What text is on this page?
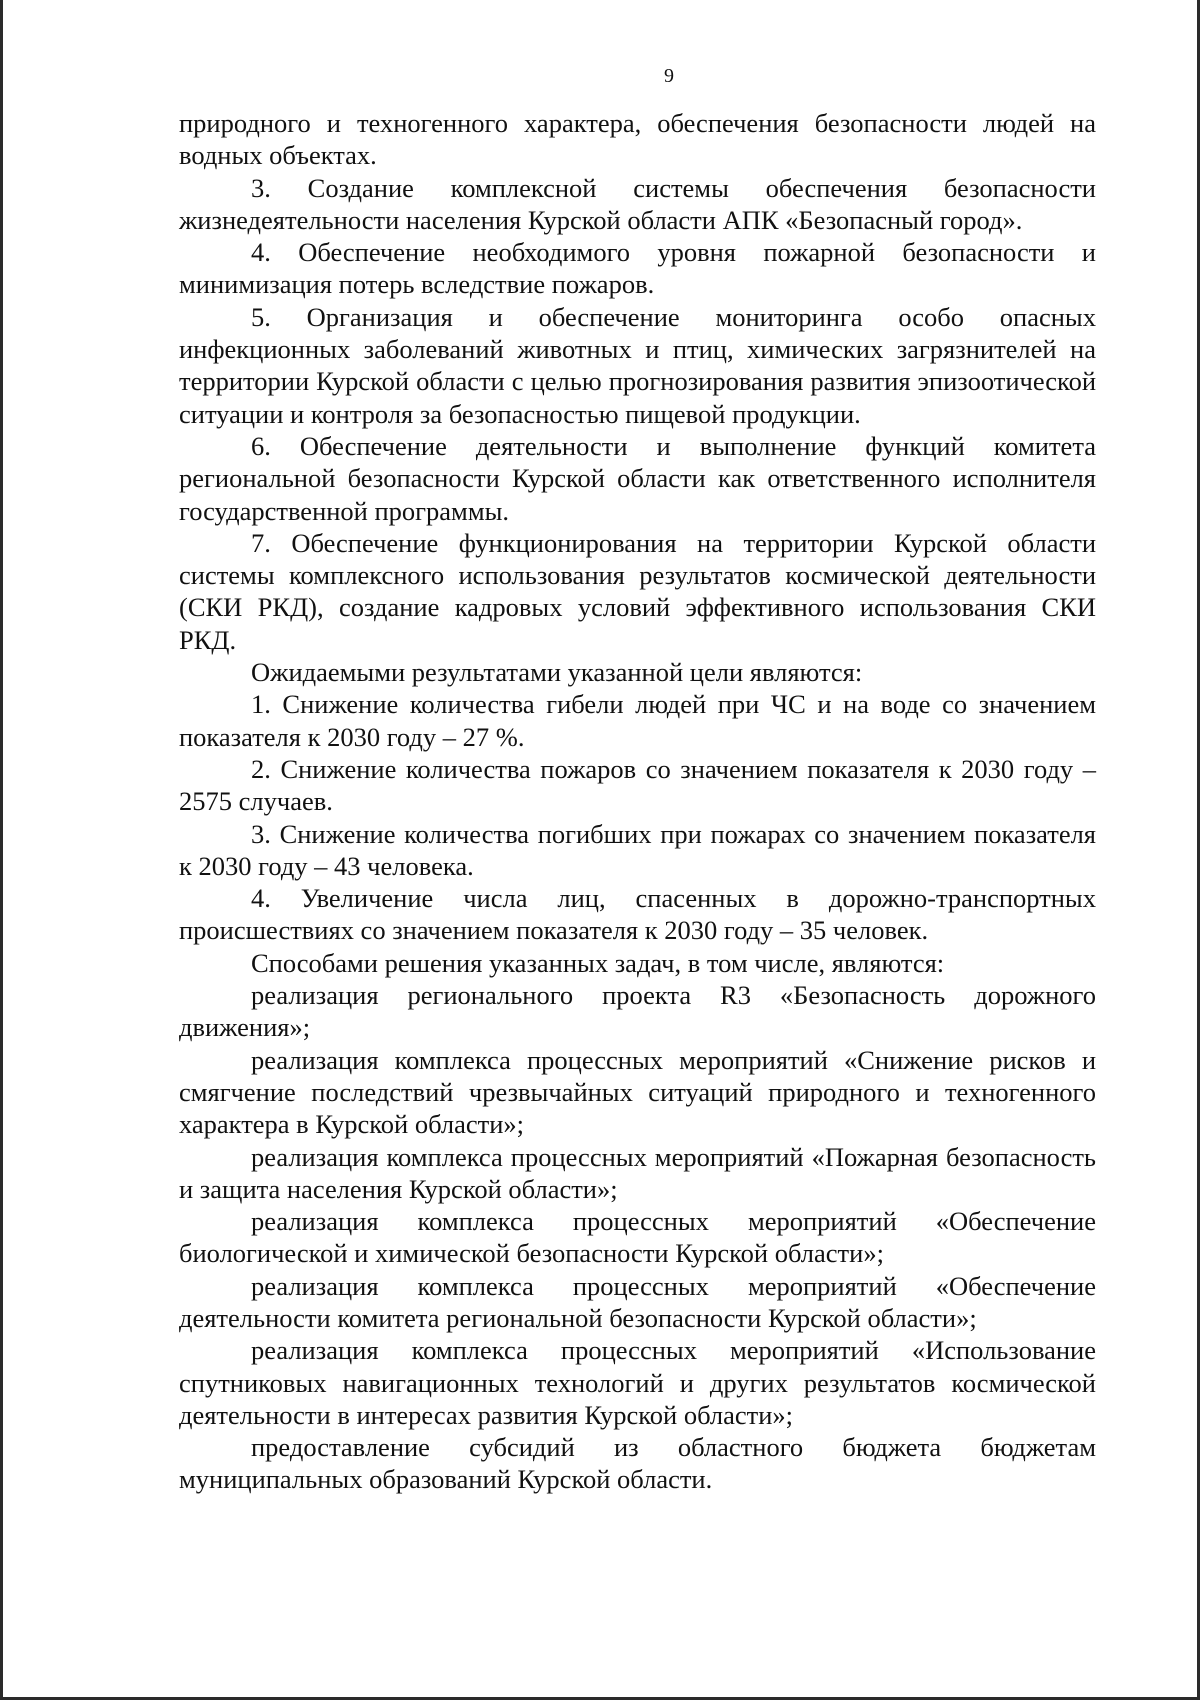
9

природного и техногенного характера, обеспечения безопасности людей на водных объектах.

3. Создание комплексной системы обеспечения безопасности жизнедеятельности населения Курской области АПК «Безопасный город».

4. Обеспечение необходимого уровня пожарной безопасности и минимизация потерь вследствие пожаров.

5. Организация и обеспечение мониторинга особо опасных инфекционных заболеваний животных и птиц, химических загрязнителей на территории Курской области с целью прогнозирования развития эпизоотической ситуации и контроля за безопасностью пищевой продукции.

6. Обеспечение деятельности и выполнение функций комитета региональной безопасности Курской области как ответственного исполнителя государственной программы.

7. Обеспечение функционирования на территории Курской области системы комплексного использования результатов космической деятельности (СКИ РКД), создание кадровых условий эффективного использования СКИ РКД.

Ожидаемыми результатами указанной цели являются:

1. Снижение количества гибели людей при ЧС и на воде со значением показателя к 2030 году – 27 %.

2. Снижение количества пожаров со значением показателя к 2030 году – 2575 случаев.

3. Снижение количества погибших при пожарах со значением показателя к 2030 году – 43 человека.

4. Увеличение числа лиц, спасенных в дорожно-транспортных происшествиях со значением показателя к 2030 году – 35 человек.

Способами решения указанных задач, в том числе, являются:

реализация регионального проекта R3 «Безопасность дорожного движения»;

реализация комплекса процессных мероприятий «Снижение рисков и смягчение последствий чрезвычайных ситуаций природного и техногенного характера в Курской области»;

реализация комплекса процессных мероприятий «Пожарная безопасность и защита населения Курской области»;

реализация комплекса процессных мероприятий «Обеспечение биологической и химической безопасности Курской области»;

реализация комплекса процессных мероприятий «Обеспечение деятельности комитета региональной безопасности Курской области»;

реализация комплекса процессных мероприятий «Использование спутниковых навигационных технологий и других результатов космической деятельности в интересах развития Курской области»;

предоставление субсидий из областного бюджета бюджетам муниципальных образований Курской области.
